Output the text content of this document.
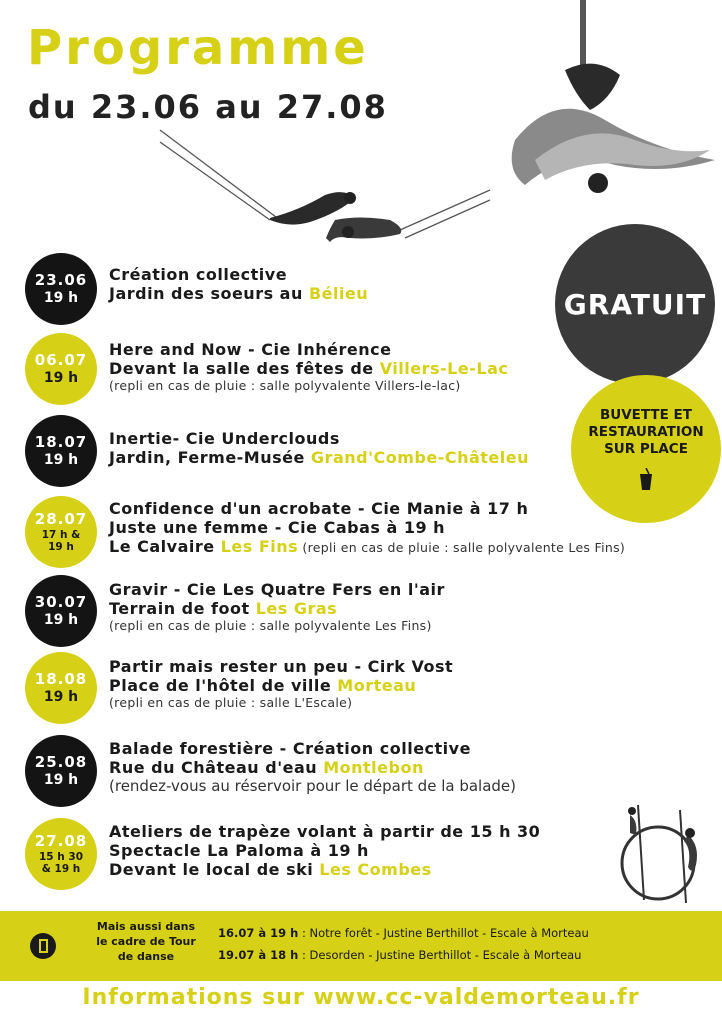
Programme
du 23.06 au 27.08
GRATUIT
BUVETTE ET
RESTAURATION
SUR PLACE
23.06
19 h
Création collective
Jardin des soeurs au Bélieu
06.07
19 h
Here and Now - Cie Inhérence
Devant la salle des fêtes de Villers-Le-Lac
(repli en cas de pluie : salle polyvalente Villers-le-lac)
18.07
19 h
Inertie- Cie Underclouds
Jardin, Ferme-Musée Grand'Combe-Châteleu
28.07
17 h &
19 h
Confidence d'un acrobate - Cie Manie à 17 h
Juste une femme - Cie Cabas à 19 h
Le Calvaire Les Fins (repli en cas de pluie : salle polyvalente Les Fins)
30.07
19 h
Gravir - Cie Les Quatre Fers en l'air
Terrain de foot Les Gras
(repli en cas de pluie : salle polyvalente Les Fins)
18.08
19 h
Partir mais rester un peu - Cirk Vost
Place de l'hôtel de ville Morteau
(repli en cas de pluie : salle L'Escale)
25.08
19 h
Balade forestière - Création collective
Rue du Château d'eau Montlebon
(rendez-vous au réservoir pour le départ de la balade)
27.08
15 h 30
& 19 h
Ateliers de trapèze volant à partir de 15 h 30
Spectacle La Paloma à 19 h
Devant le local de ski Les Combes
Mais aussi dans
le cadre de Tour
de danse
16.07 à 19 h : Notre forêt - Justine Berthillot - Escale à Morteau
19.07 à 18 h : Desorden - Justine Berthillot - Escale à Morteau
Informations sur www.cc-valdemorteau.fr
